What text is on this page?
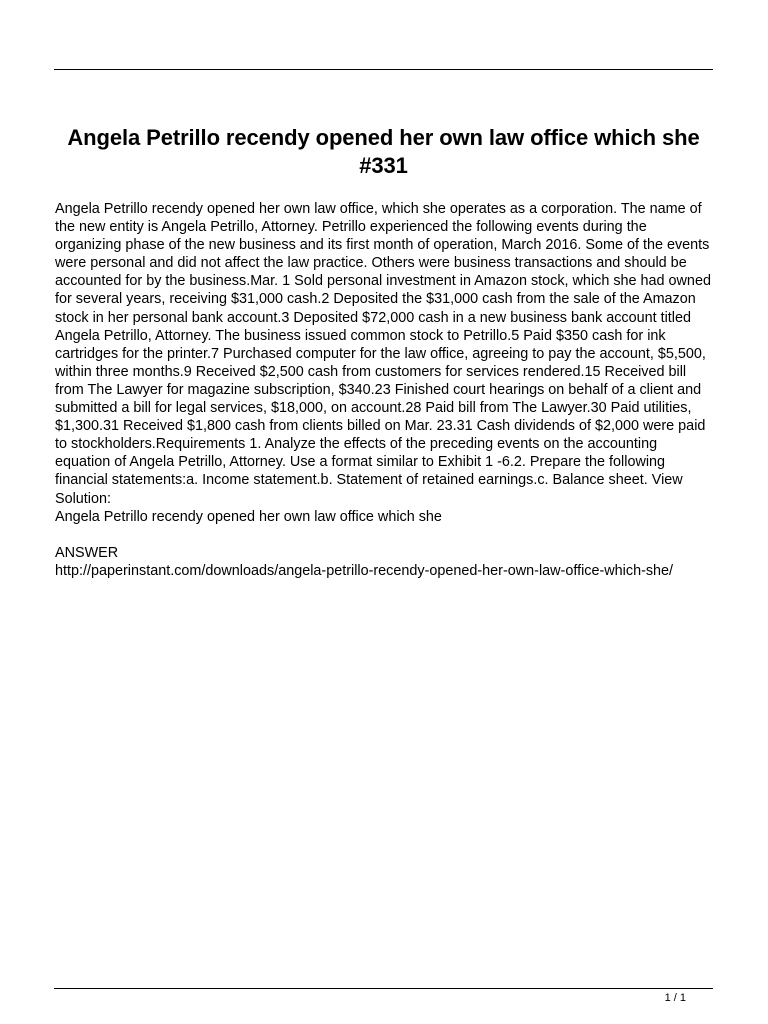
Angela Petrillo recendy opened her own law office which she #331

Angela Petrillo recendy opened her own law office, which she operates as a corporation. The name of the new entity is Angela Petrillo, Attorney. Petrillo experienced the following events during the organizing phase of the new business and its first month of operation, March 2016. Some of the events were personal and did not affect the law practice. Others were business transactions and should be accounted for by the business.Mar. 1 Sold personal investment in Amazon stock, which she had owned for several years, receiving $31,000 cash.2 Deposited the $31,000 cash from the sale of the Amazon stock in her personal bank account.3 Deposited $72,000 cash in a new business bank account titled Angela Petrillo, Attorney. The business issued common stock to Petrillo.5 Paid $350 cash for ink cartridges for the printer.7 Purchased computer for the law office, agreeing to pay the account, $5,500, within three months.9 Received $2,500 cash from customers for services rendered.15 Received bill from The Lawyer for magazine subscription, $340.23 Finished court hearings on behalf of a client and submitted a bill for legal services, $18,000, on account.28 Paid bill from The Lawyer.30 Paid utilities, $1,300.31 Received $1,800 cash from clients billed on Mar. 23.31 Cash dividends of $2,000 were paid to stockholders.Requirements 1. Analyze the effects of the preceding events on the accounting equation of Angela Petrillo, Attorney. Use a format similar to Exhibit 1 -6.2. Prepare the following financial statements:a. Income statement.b. Statement of retained earnings.c. Balance sheet. View Solution:

Angela Petrillo recendy opened her own law office which she

ANSWER

http://paperinstant.com/downloads/angela-petrillo-recendy-opened-her-own-law-office-which-she/

1 / 1
